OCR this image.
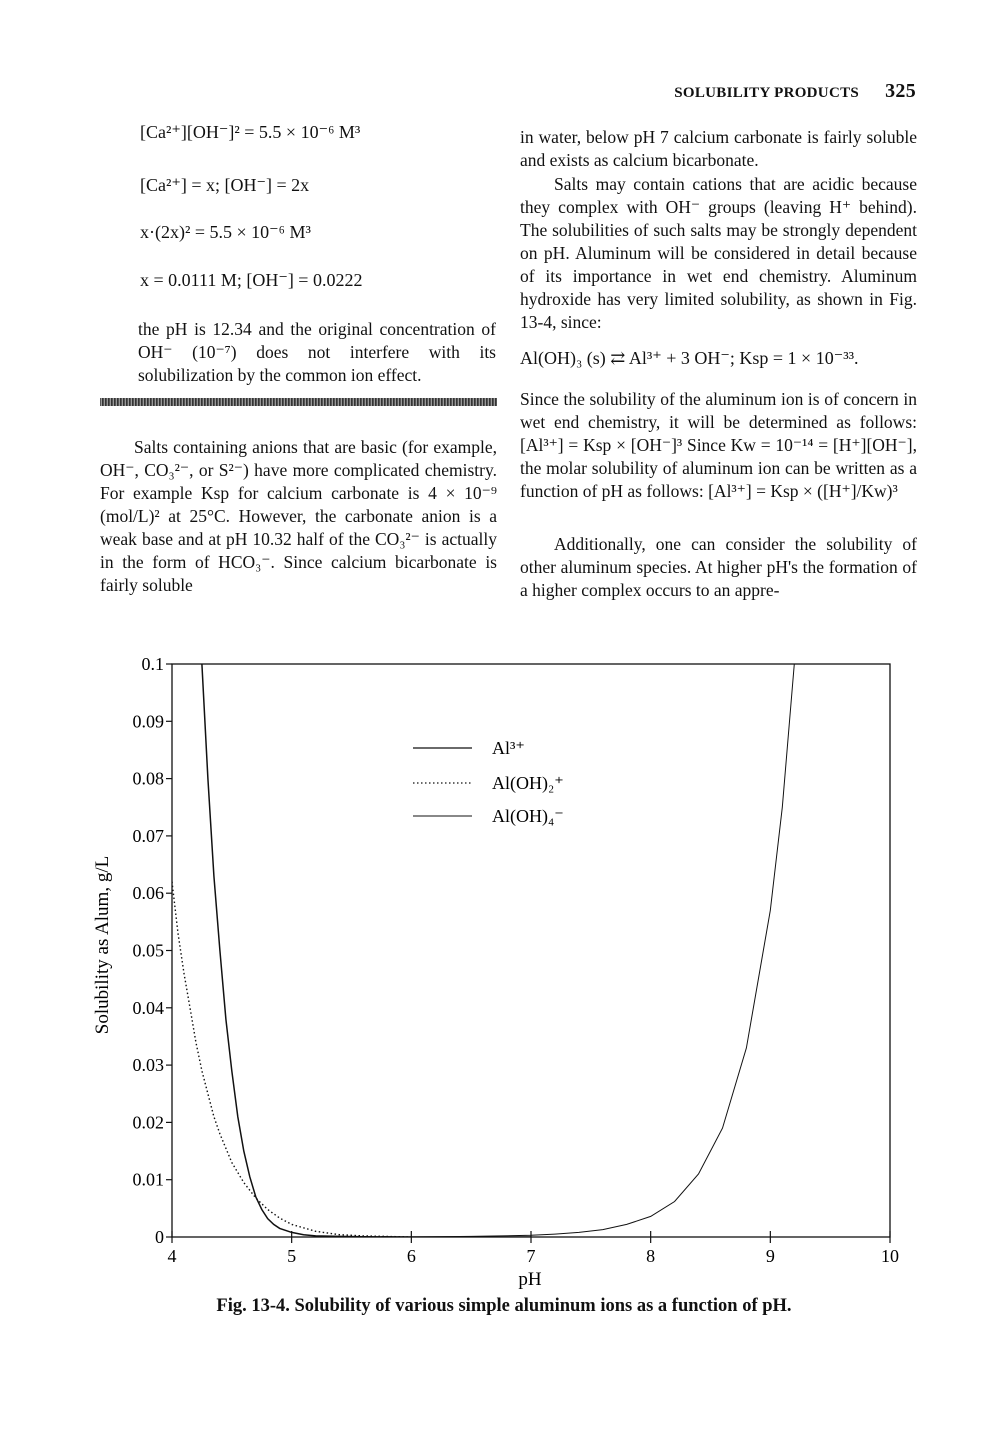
SOLUBILITY PRODUCTS 325
[Ca²⁺][OH⁻]² = 5.5 × 10⁻⁶ M³
[Ca²⁺] = x; [OH⁻] = 2x
x·(2x)² = 5.5 × 10⁻⁶ M³
x = 0.0111 M; [OH⁻] = 0.0222

the pH is 12.34 and the original concentration of OH⁻ (10⁻⁷) does not interfere with its solubilization by the common ion effect.

Salts containing anions that are basic (for example, OH⁻, CO₃²⁻, or S²⁻) have more complicated chemistry. For example Ksp for calcium carbonate is 4 × 10⁻⁹ (mol/L)² at 25°C. However, the carbonate anion is a weak base and at pH 10.32 half of the CO₃²⁻ is actually in the form of HCO₃⁻. Since calcium bicarbonate is fairly soluble

in water, below pH 7 calcium carbonate is fairly soluble and exists as calcium bicarbonate.

Salts may contain cations that are acidic because they complex with OH⁻ groups (leaving H⁺ behind). The solubilities of such salts may be strongly dependent on pH. Aluminum will be considered in detail because of its importance in wet end chemistry. Aluminum hydroxide has very limited solubility, as shown in Fig. 13-4, since:

Al(OH)₃ (s) ⇄ Al³⁺ + 3 OH⁻; Ksp = 1 × 10⁻³³.

Since the solubility of the aluminum ion is of concern in wet end chemistry, it will be determined as follows: [Al³⁺] = Ksp × [OH⁻]³ Since Kw = 10⁻¹⁴ = [H⁺][OH⁻], the molar solubility of aluminum ion can be written as a function of pH as follows: [Al³⁺] = Ksp × ([H⁺]/Kw)³

Additionally, one can consider the solubility of other aluminum species. At higher pH's the formation of a higher complex occurs to an appre-

0
0.01
0.02
0.03
0.04
0.05
0.06
0.07
0.08
0.09
0.1
4	5	6	7	8	9	10
Al³⁺
Al(OH)₂⁺
Al(OH)₄⁻
pH
Solubility as Alum, g/L
Fig. 13-4. Solubility of various simple aluminum ions as a function of pH.
